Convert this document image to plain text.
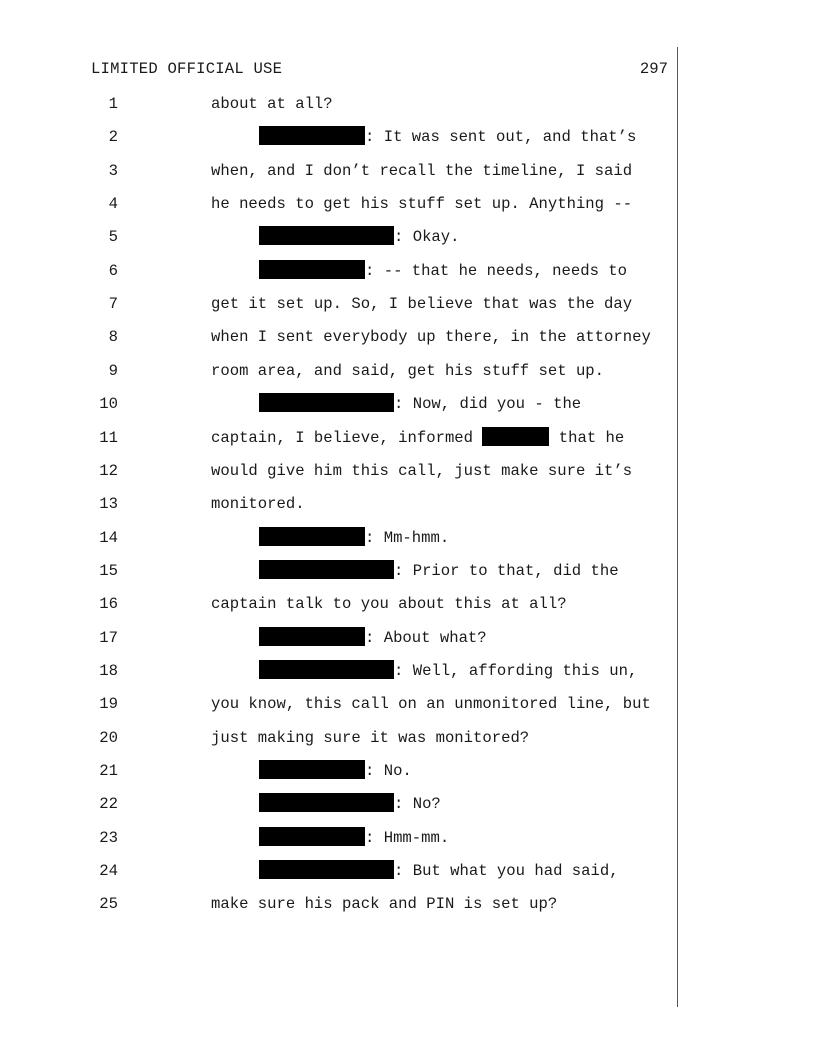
LIMITED OFFICIAL USE	297
1	about at all?
2	: It was sent out, and that’s
3	when, and I don’t recall the timeline, I said
4	he needs to get his stuff set up. Anything --
5	: Okay.
6	: -- that he needs, needs to
7	get it set up. So, I believe that was the day
8	when I sent everybody up there, in the attorney
9	room area, and said, get his stuff set up.
10	: Now, did you - the
11	captain, I believe, informed	that he
12	would give him this call, just make sure it’s
13	monitored.
14	: Mm-hmm.
15	: Prior to that, did the
16	captain talk to you about this at all?
17	: About what?
18	: Well, affording this un,
19	you know, this call on an unmonitored line, but
20	just making sure it was monitored?
21	: No.
22	: No?
23	: Hmm-mm.
24	: But what you had said,
25	make sure his pack and PIN is set up?
